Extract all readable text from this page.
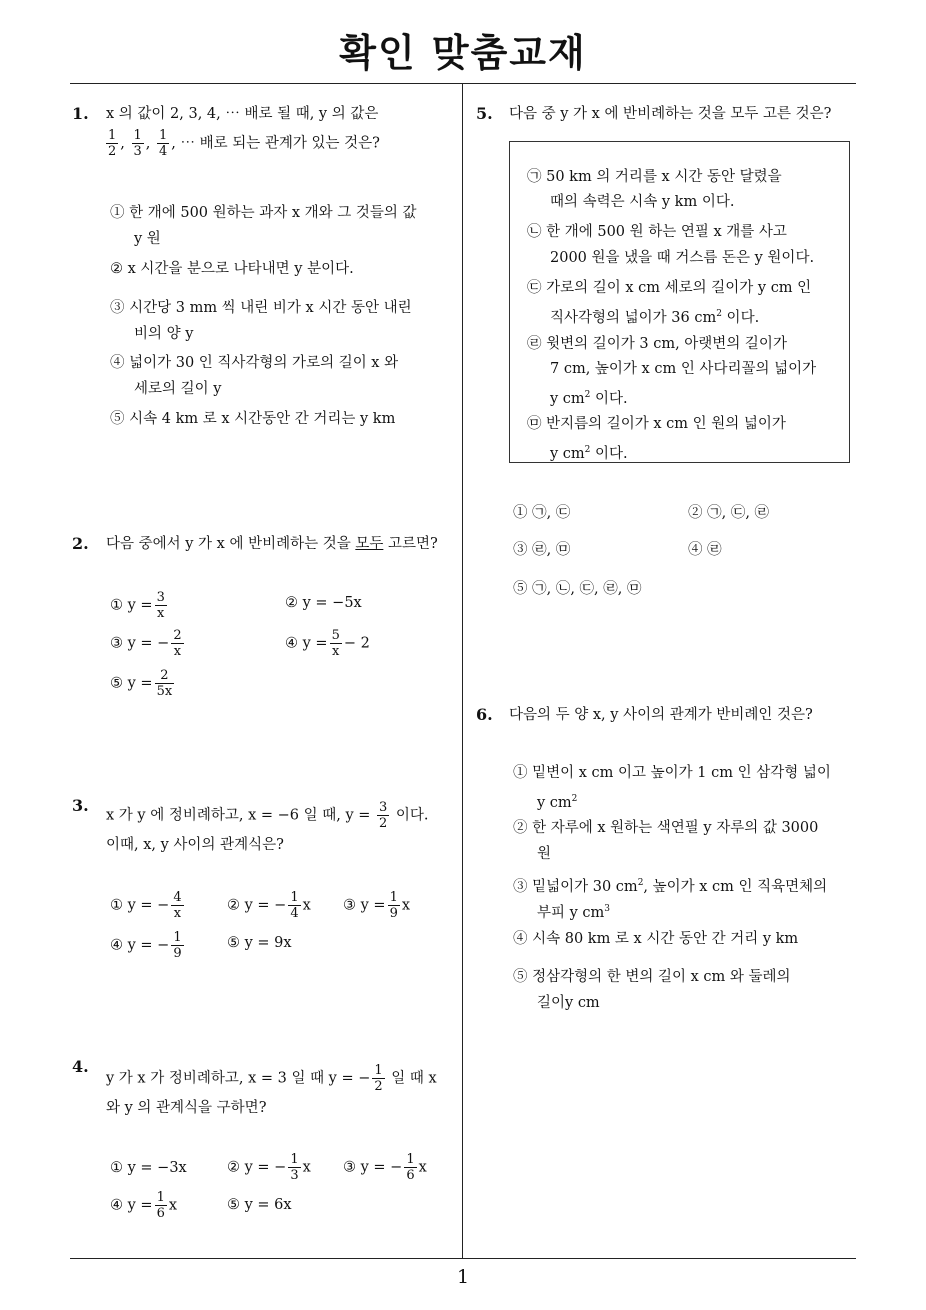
확인 맞춤교재
1
1. x 의 값이 2, 3, 4, ⋯ 배로 될 때, y 의 값은
$\frac{1}{2}$ , $\frac{1}{3}$ , $\frac{1}{4}$ , ⋯ 배로 되는 관계가 있는 것은?
① 한 개에 500 원하는 과자 x 개와 그 것들의 값
y 원
② x 시간을 분으로 나타내면 y 분이다.
③ 시간당 3 mm 씩 내린 비가 x 시간 동안 내린
비의 양 y
④ 넓이가 30 인 직사각형의 가로의 길이 x 와
세로의 길이 y
⑤ 시속 4 km 로 x 시간동안 간 거리는 y km
2. 다음 중에서 y 가 x 에 반비례하는 것을 모두 고르면?
① $y = \frac{3}{x}$	② y = −5x
③ y = − $\frac{2}{x}$	④ $y = \frac{5}{x} - 2$
⑤ $y = \frac{2}{5x}$
3.
x 가 y 에 정비례하고, x = −6 일 때, $y = \frac{3}{2}$ 이다.
이때, x, y 사이의 관계식은?
① y = − $\frac{4}{x}$	② y = − $\frac{1}{4}$ x ③ $y = \frac{1}{9}$ x
④ y = − $\frac{1}{9}$	⑤ y = 9x
4.
y 가 x 가 정비례하고, x = 3 일 때 y = − $\frac{1}{2}$ 일 때 x
와 y 의 관계식을 구하면?
① y = −3x	② y = − $\frac{1}{3}$ x ③ y = − $\frac{1}{6}$ x
④ $y = \frac{1}{6}$ x	⑤ y = 6x
5. 다음 중 y 가 x 에 반비례하는 것을 모두 고른 것은?
㉠ 50 km 의 거리를 x 시간 동안 달렸을
때의 속력은 시속 y km 이다.
㉡ 한 개에 500 원 하는 연필 x 개를 사고
2000 원을 냈을 때 거스름 돈은 y 원이다.
㉢ 가로의 길이 x cm 세로의 길이가 y cm 인
직사각형의 넓이가 36 $cm^2$ 이다.
㉣ 윗변의 길이가 3 cm, 아랫변의 길이가
7 cm, 높이가 x cm 인 사다리꼴의 넓이가
y $cm^2$ 이다.
㉤ 반지름의 길이가 x cm 인 원의 넓이가
y $cm^2$ 이다.
① ㉠, ㉢	② ㉠, ㉢, ㉣
③ ㉣, ㉤	④ ㉣
⑤ ㉠, ㉡, ㉢, ㉣, ㉤
6. 다음의 두 양 x, y 사이의 관계가 반비례인 것은?
① 밑변이 x cm 이고 높이가 1 cm 인 삼각형 넓이
y $cm^2$
② 한 자루에 x 원하는 색연필 y 자루의 값 3000
원
③ 밑넓이가 30 $cm^2$, 높이가 x cm 인 직육면체의
부피 y $cm^3$
④ 시속 80 km 로 x 시간 동안 간 거리 y km
⑤ 정삼각형의 한 변의 길이 x cm 와 둘레의
길이y cm
